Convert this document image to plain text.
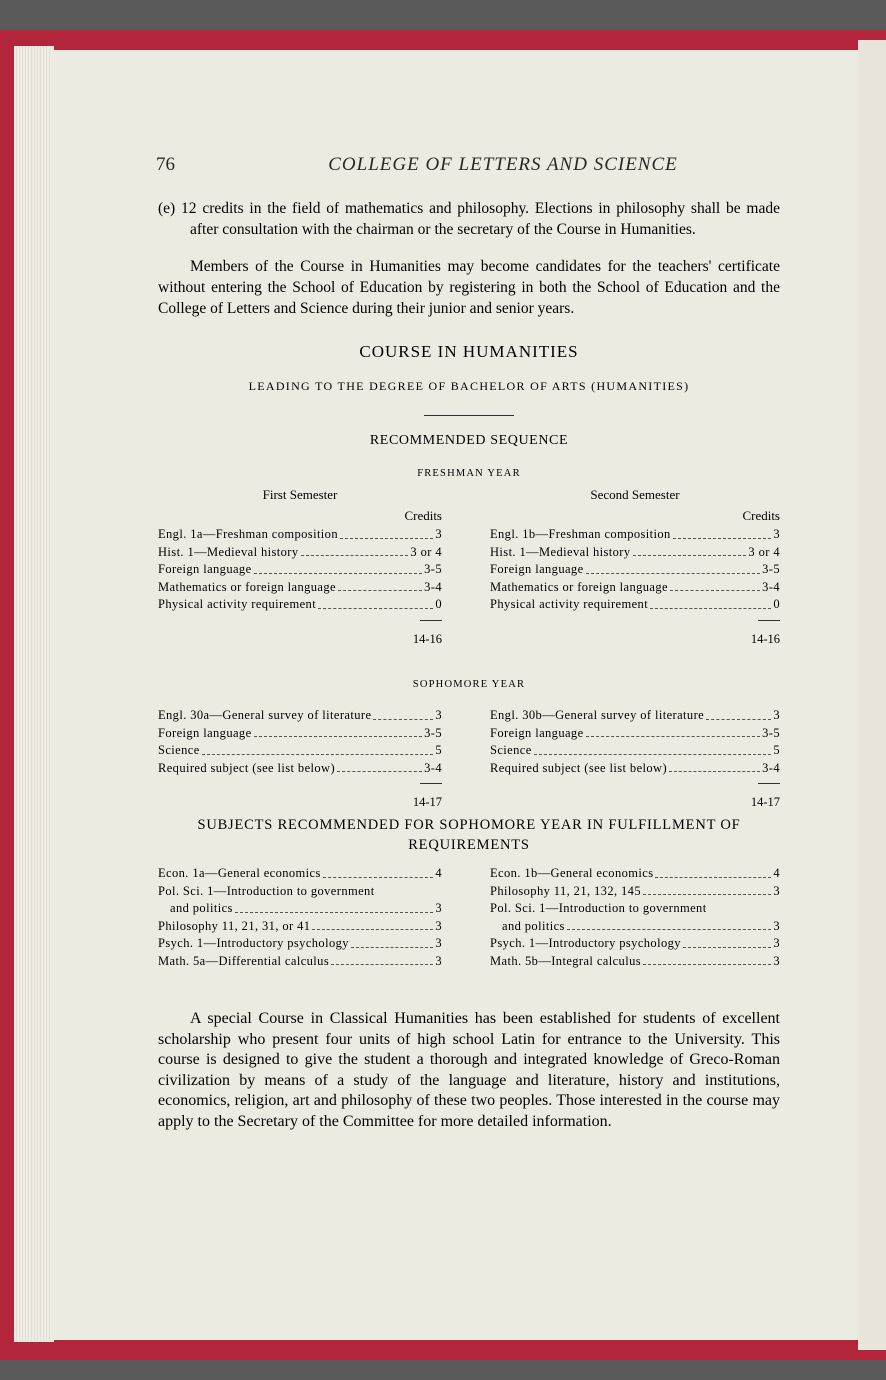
76	COLLEGE OF LETTERS AND SCIENCE

(e) 12 credits in the field of mathematics and philosophy. Elections in philosophy shall be made after consultation with the chairman or the secretary of the Course in Humanities.

Members of the Course in Humanities may become candidates for the teachers' certificate without entering the School of Education by registering in both the School of Education and the College of Letters and Science during their junior and senior years.

COURSE IN HUMANITIES
LEADING TO THE DEGREE OF BACHELOR OF ARTS (HUMANITIES)
RECOMMENDED SEQUENCE
FRESHMAN YEAR
First Semester
Credits
Engl. 1a—Freshman composition	3
Hist. 1—Medieval history	3 or 4
Foreign language	3-5
Mathematics or foreign language	3-4
Physical activity requirement	0
14-16
Second Semester
Credits
Engl. 1b—Freshman composition	3
Hist. 1—Medieval history	3 or 4
Foreign language	3-5
Mathematics or foreign language	3-4
Physical activity requirement	0
14-16
SOPHOMORE YEAR
Engl. 30a—General survey of literature	3
Foreign language	3-5
Science	5
Required subject (see list below)	3-4
14-17
Engl. 30b—General survey of literature	3
Foreign language	3-5
Science	5
Required subject (see list below)	3-4
14-17
SUBJECTS RECOMMENDED FOR SOPHOMORE YEAR IN FULFILLMENT OF
REQUIREMENTS
Econ. 1a—General economics	4
Pol. Sci. 1—Introduction to government
and politics	3
Philosophy 11, 21, 31, or 41	3
Psych. 1—Introductory psychology	3
Math. 5a—Differential calculus	3
Econ. 1b—General economics	4
Philosophy 11, 21, 132, 145	3
Pol. Sci. 1—Introduction to government
and politics	3
Psych. 1—Introductory psychology	3
Math. 5b—Integral calculus	3

A special Course in Classical Humanities has been established for students of excellent scholarship who present four units of high school Latin for entrance to the University. This course is designed to give the student a thorough and integrated knowledge of Greco-Roman civilization by means of a study of the language and literature, history and institutions, economics, religion, art and philosophy of these two peoples. Those interested in the course may apply to the Secretary of the Committee for more detailed information.
